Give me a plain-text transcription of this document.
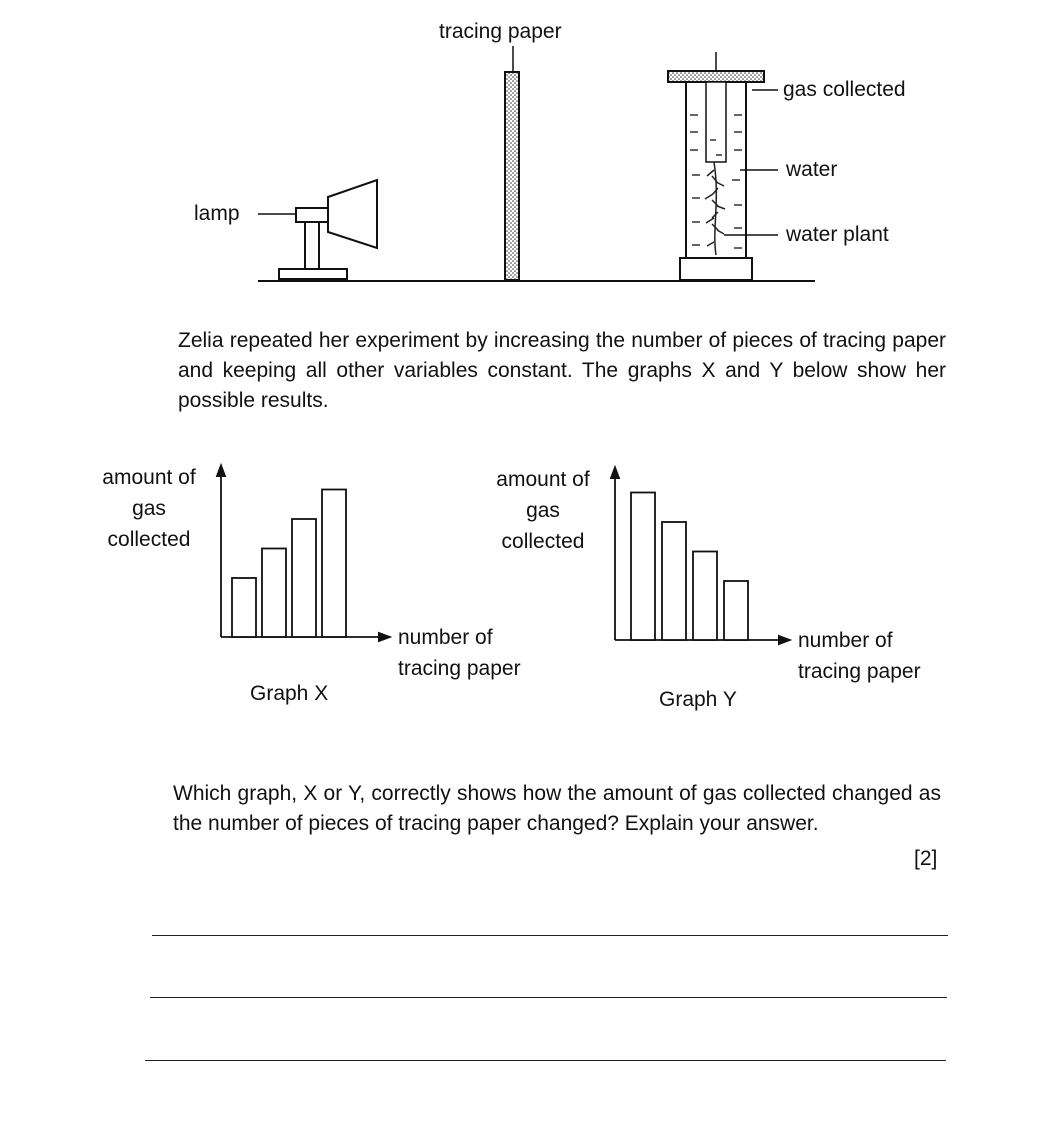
tracing paper
gas collected
water
water plant
lamp
Zelia repeated her experiment by increasing the number of pieces of tracing paper and keeping all other variables constant. The graphs X and Y below show her possible results.
amount of
gas
collected
number of
tracing paper
Graph X
amount of
gas
collected
number of
tracing paper
Graph Y
Which graph, X or Y, correctly shows how the amount of gas collected changed as the number of pieces of tracing paper changed? Explain your answer.
[2]
